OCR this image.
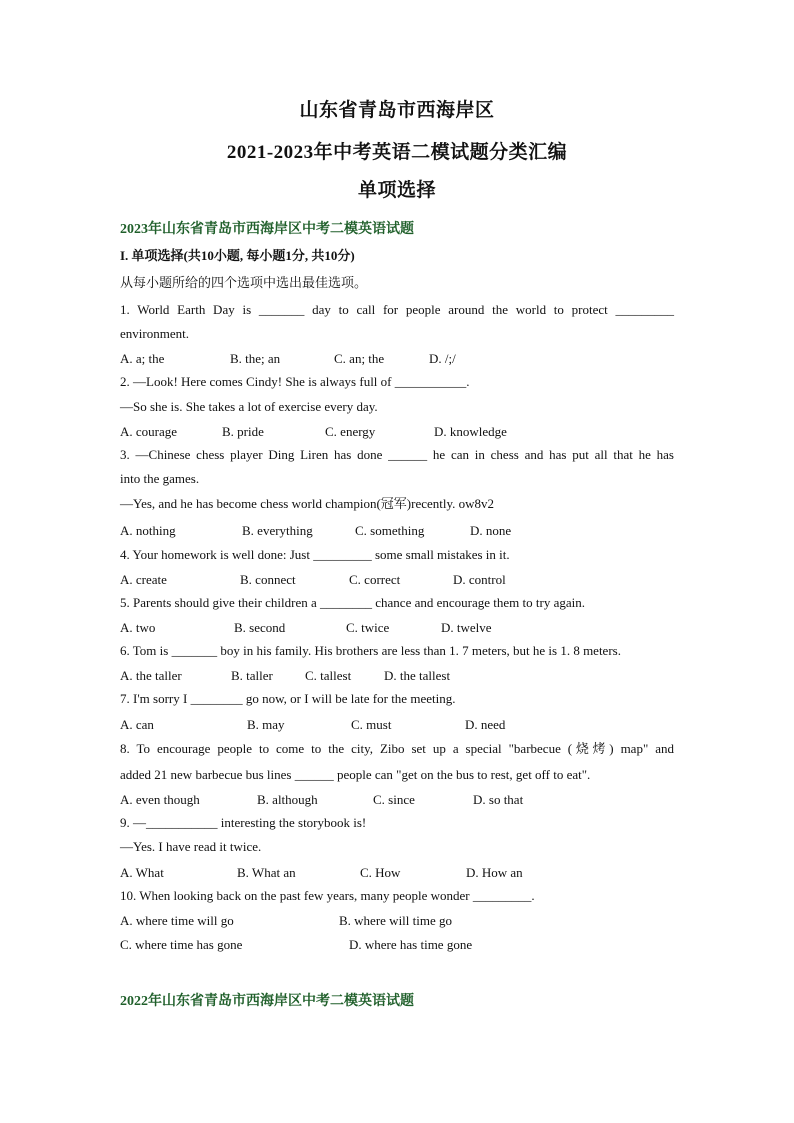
山东省青岛市西海岸区
2021-2023年中考英语二模试题分类汇编
单项选择
2023年山东省青岛市西海岸区中考二模英语试题
I. 单项选择(共10小题, 每小题1分, 共10分)
从每小题所给的四个选项中选出最佳选项。
1. World Earth Day is _______ day to call for people around the world to protect _________
environment.
A. a; the	B. the; an	C. an; the	D. /;/
2. —Look! Here comes Cindy! She is always full of ___________.
—So she is. She takes a lot of exercise every day.
A. courage	B. pride	C. energy	D. knowledge
3. —Chinese chess player Ding Liren has done ______ he can in chess and has put all that he has
into the games.
—Yes, and he has become chess world champion(冠军)recently. ow8v2
A. nothing	B. everything	C. something	D. none
4. Your homework is well done: Just _________ some small mistakes in it.
A. create	B. connect	C. correct	D. control
5. Parents should give their children a ________ chance and encourage them to try again.
A. two	B. second	C. twice	D. twelve
6. Tom is _______ boy in his family. His brothers are less than 1. 7 meters, but he is 1. 8 meters.
A. the taller	B. taller C. tallest	D. the tallest
7. I'm sorry I ________ go now, or I will be late for the meeting.
A. can	B. may	C. must	D. need
8. To encourage people to come to the city, Zibo set up a special "barbecue (烧烤) map" and
added 21 new barbecue bus lines ______ people can "get on the bus to rest, get off to eat".
A. even though	B. although	C. since	D. so that
9. —___________ interesting the storybook is!
—Yes. I have read it twice.
A. What	B. What an	C. How	D. How an
10. When looking back on the past few years, many people wonder _________.
A. where time will go	B. where will time go
C. where time has gone	D. where has time gone
2022年山东省青岛市西海岸区中考二模英语试题
